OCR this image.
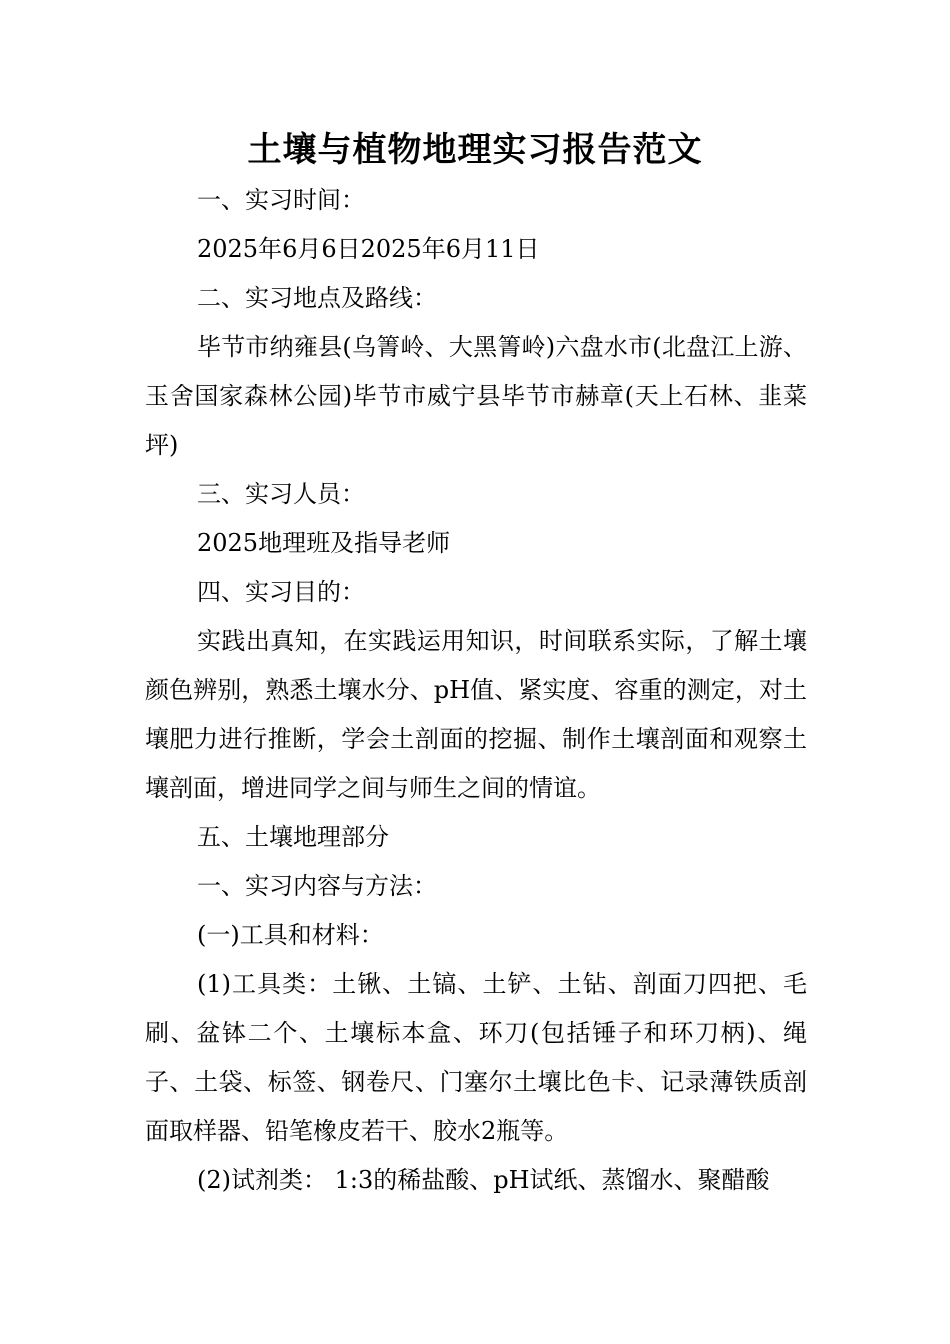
土壤与植物地理实习报告范文

一、实习时间：

2025年6月6日2025年6月11日

二、实习地点及路线：

毕节市纳雍县(乌箐岭、大黑箐岭)六盘水市(北盘江上游、玉舍国家森林公园)毕节市威宁县毕节市赫章(天上石林、韭菜坪)

三、实习人员：

2025地理班及指导老师

四、实习目的：

实践出真知，在实践运用知识，时间联系实际，了解土壤颜色辨别，熟悉土壤水分、pH值、紧实度、容重的测定，对土壤肥力进行推断，学会土剖面的挖掘、制作土壤剖面和观察土壤剖面，增进同学之间与师生之间的情谊。

五、土壤地理部分

一、实习内容与方法：

(一)工具和材料：

(1)工具类：土锹、土镐、土铲、土钻、剖面刀四把、毛刷、盆钵二个、土壤标本盒、环刀(包括锤子和环刀柄)、绳子、土袋、标签、钢卷尺、门塞尔土壤比色卡、记录薄铁质剖面取样器、铅笔橡皮若干、胶水2瓶等。

(2)试剂类： 1:3的稀盐酸、pH试纸、蒸馏水、聚醋酸
